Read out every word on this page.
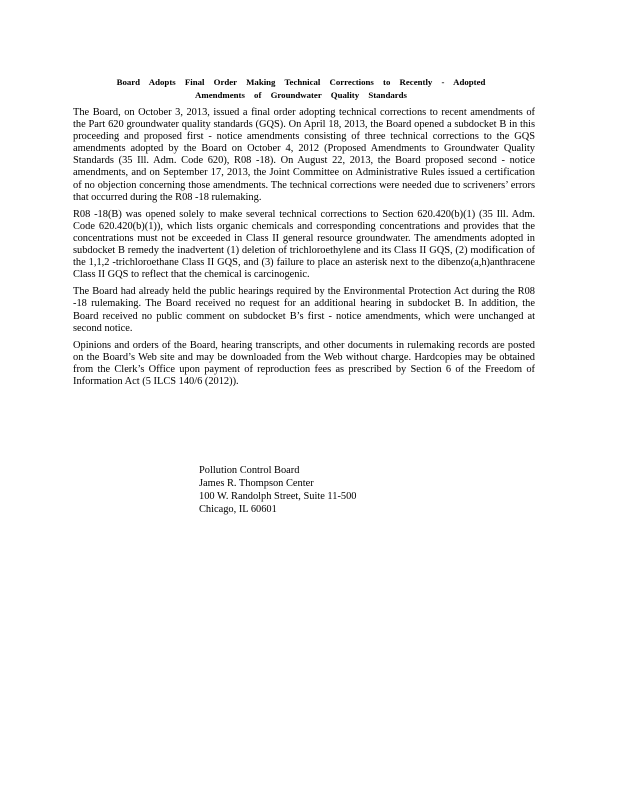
Board Adopts Final Order Making Technical Corrections to Recently - Adopted
Amendments of Groundwater Quality Standards

The Board, on October 3, 2013, issued a final order adopting technical corrections to recent amendments of the Part 620 groundwater quality standards (GQS). On April 18, 2013, the Board opened a subdocket B in this proceeding and proposed first - notice amendments consisting of three technical corrections to the GQS amendments adopted by the Board on October 4, 2012 (Proposed Amendments to Groundwater Quality Standards (35 Ill. Adm. Code 620), R08 -18). On August 22, 2013, the Board proposed second - notice amendments, and on September 17, 2013, the Joint Committee on Administrative Rules issued a certification of no objection concerning those amendments. The technical corrections were needed due to scriveners’ errors that occurred during the R08 -18 rulemaking.

R08 -18(B) was opened solely to make several technical corrections to Section 620.420(b)(1) (35 Ill. Adm. Code 620.420(b)(1)), which lists organic chemicals and corresponding concentrations and provides that the concentrations must not be exceeded in Class II general resource groundwater. The amendments adopted in subdocket B remedy the inadvertent (1) deletion of trichloroethylene and its Class II GQS, (2) modification of the 1,1,2 -trichloroethane Class II GQS, and (3) failure to place an asterisk next to the dibenzo(a,h)anthracene Class II GQS to reflect that the chemical is carcinogenic.

The Board had already held the public hearings required by the Environmental Protection Act during the R08 -18 rulemaking. The Board received no request for an additional hearing in subdocket B. In addition, the Board received no public comment on subdocket B’s first - notice amendments, which were unchanged at second notice.

Opinions and orders of the Board, hearing transcripts, and other documents in rulemaking records are posted on the Board’s Web site and may be downloaded from the Web without charge. Hardcopies may be obtained from the Clerk’s Office upon payment of reproduction fees as prescribed by Section 6 of the Freedom of Information Act (5 ILCS 140/6 (2012)).

Pollution Control Board
James R. Thompson Center
100 W. Randolph Street, Suite 11-500
Chicago, IL 60601
